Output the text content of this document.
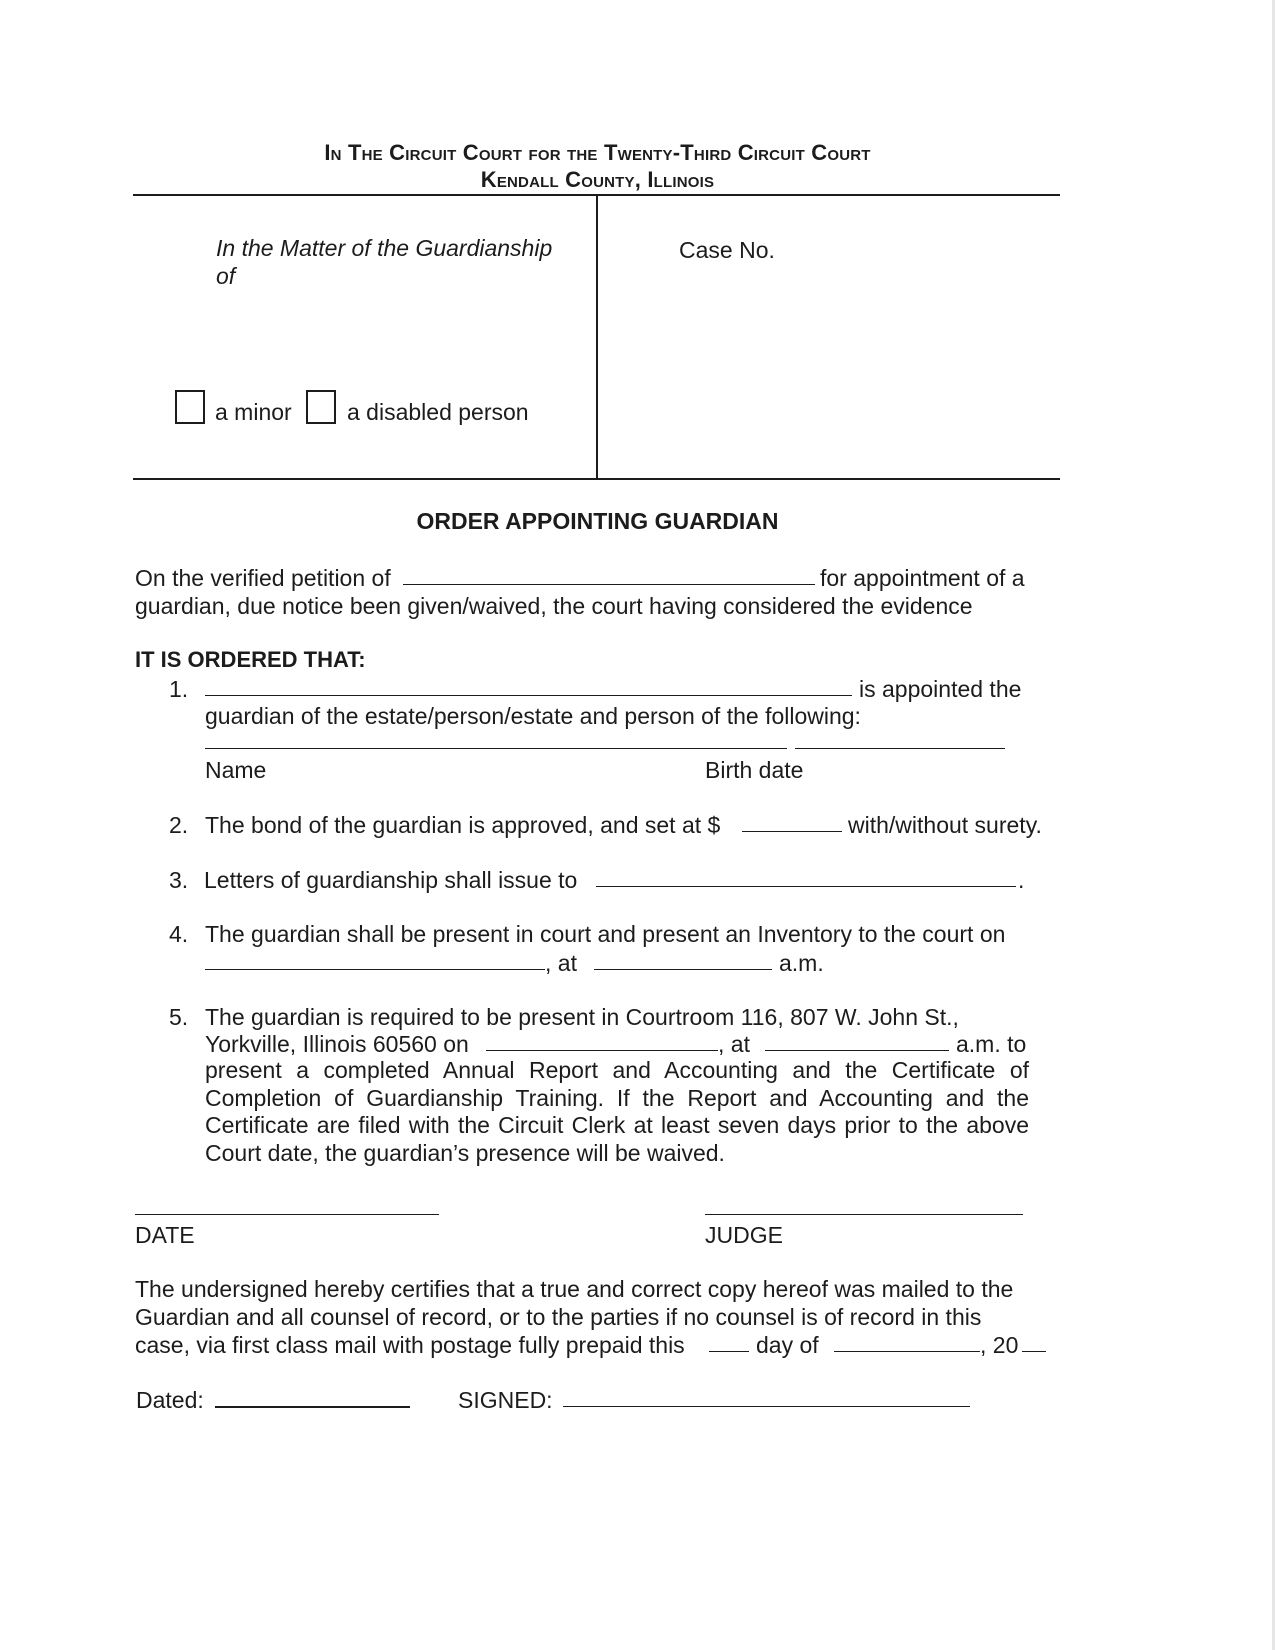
In The Circuit Court for the Twenty-Third Circuit Court
Kendall County, Illinois
In the Matter of the Guardianship
of
Case No.
a minor a disabled person
ORDER APPOINTING GUARDIAN
On the verified petition of	for appointment of a
guardian, due notice been given/waived, the court having considered the evidence
IT IS ORDERED THAT:
1.	is appointed the
guardian of the estate/person/estate and person of the following:
Name	Birth date
2. The bond of the guardian is approved, and set at $	with/without surety.
3. Letters of guardianship shall issue to	.
4. The guardian shall be present in court and present an Inventory to the court on
, at	a.m.
5. The guardian is required to be present in Courtroom 116, 807 W. John St.,
Yorkville, Illinois 60560 on	, at	a.m. to
present a completed Annual Report and Accounting and the Certificate of Completion of Guardianship Training. If the Report and Accounting and the Certificate are filed with the Circuit Clerk at least seven days prior to the above Court date, the guardian’s presence will be waived.
DATE	JUDGE
The undersigned hereby certifies that a true and correct copy hereof was mailed to the
Guardian and all counsel of record, or to the parties if no counsel is of record in this
case, via first class mail with postage fully prepaid this	day of	, 20
Dated:	SIGNED:
